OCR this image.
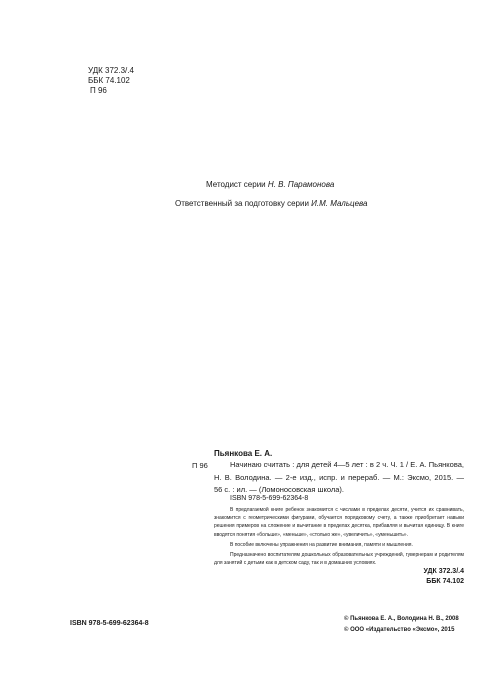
УДК 372.3/.4
ББК 74.102
П 96
Методист серии Н. В. Парамонова
Ответственный за подготовку серии И.М. Мальцева
Пьянкова Е. А.
П 96	Начинаю считать : для детей 4—5 лет : в 2 ч. Ч. 1 / Е. А. Пьянкова,
Н. В. Володина. — 2-е изд., испр. и перераб. — М.: Эксмо, 2015. —
56 с. : ил. — (Ломоносовская школа).
ISBN 978-5-699-62364-8

В предлагаемой книге ребенок знакомится с числами в пределах десяти, учится их сравнивать, знакомится с геометрическими фигурами, обучается порядковому счету, а также приобретает навыки решения примеров на сложение и вычитание в пределах десятка, прибавляя и вычитая единицу. В книге вводятся понятия «больше», «меньше», «столько же», «увеличить», «уменьшить».

В пособие включены упражнения на развитие внимания, памяти и мышления.

Предназначено воспитателям дошкольных образовательных учреждений, гувернерам и родителям для занятий с детьми как в детском саду, так и в домашних условиях.

УДК 372.3/.4
ББК 74.102
ISBN 978-5-699-62364-8
© Пьянкова Е. А., Володина Н. В., 2008
© ООО «Издательство «Эксмо», 2015
